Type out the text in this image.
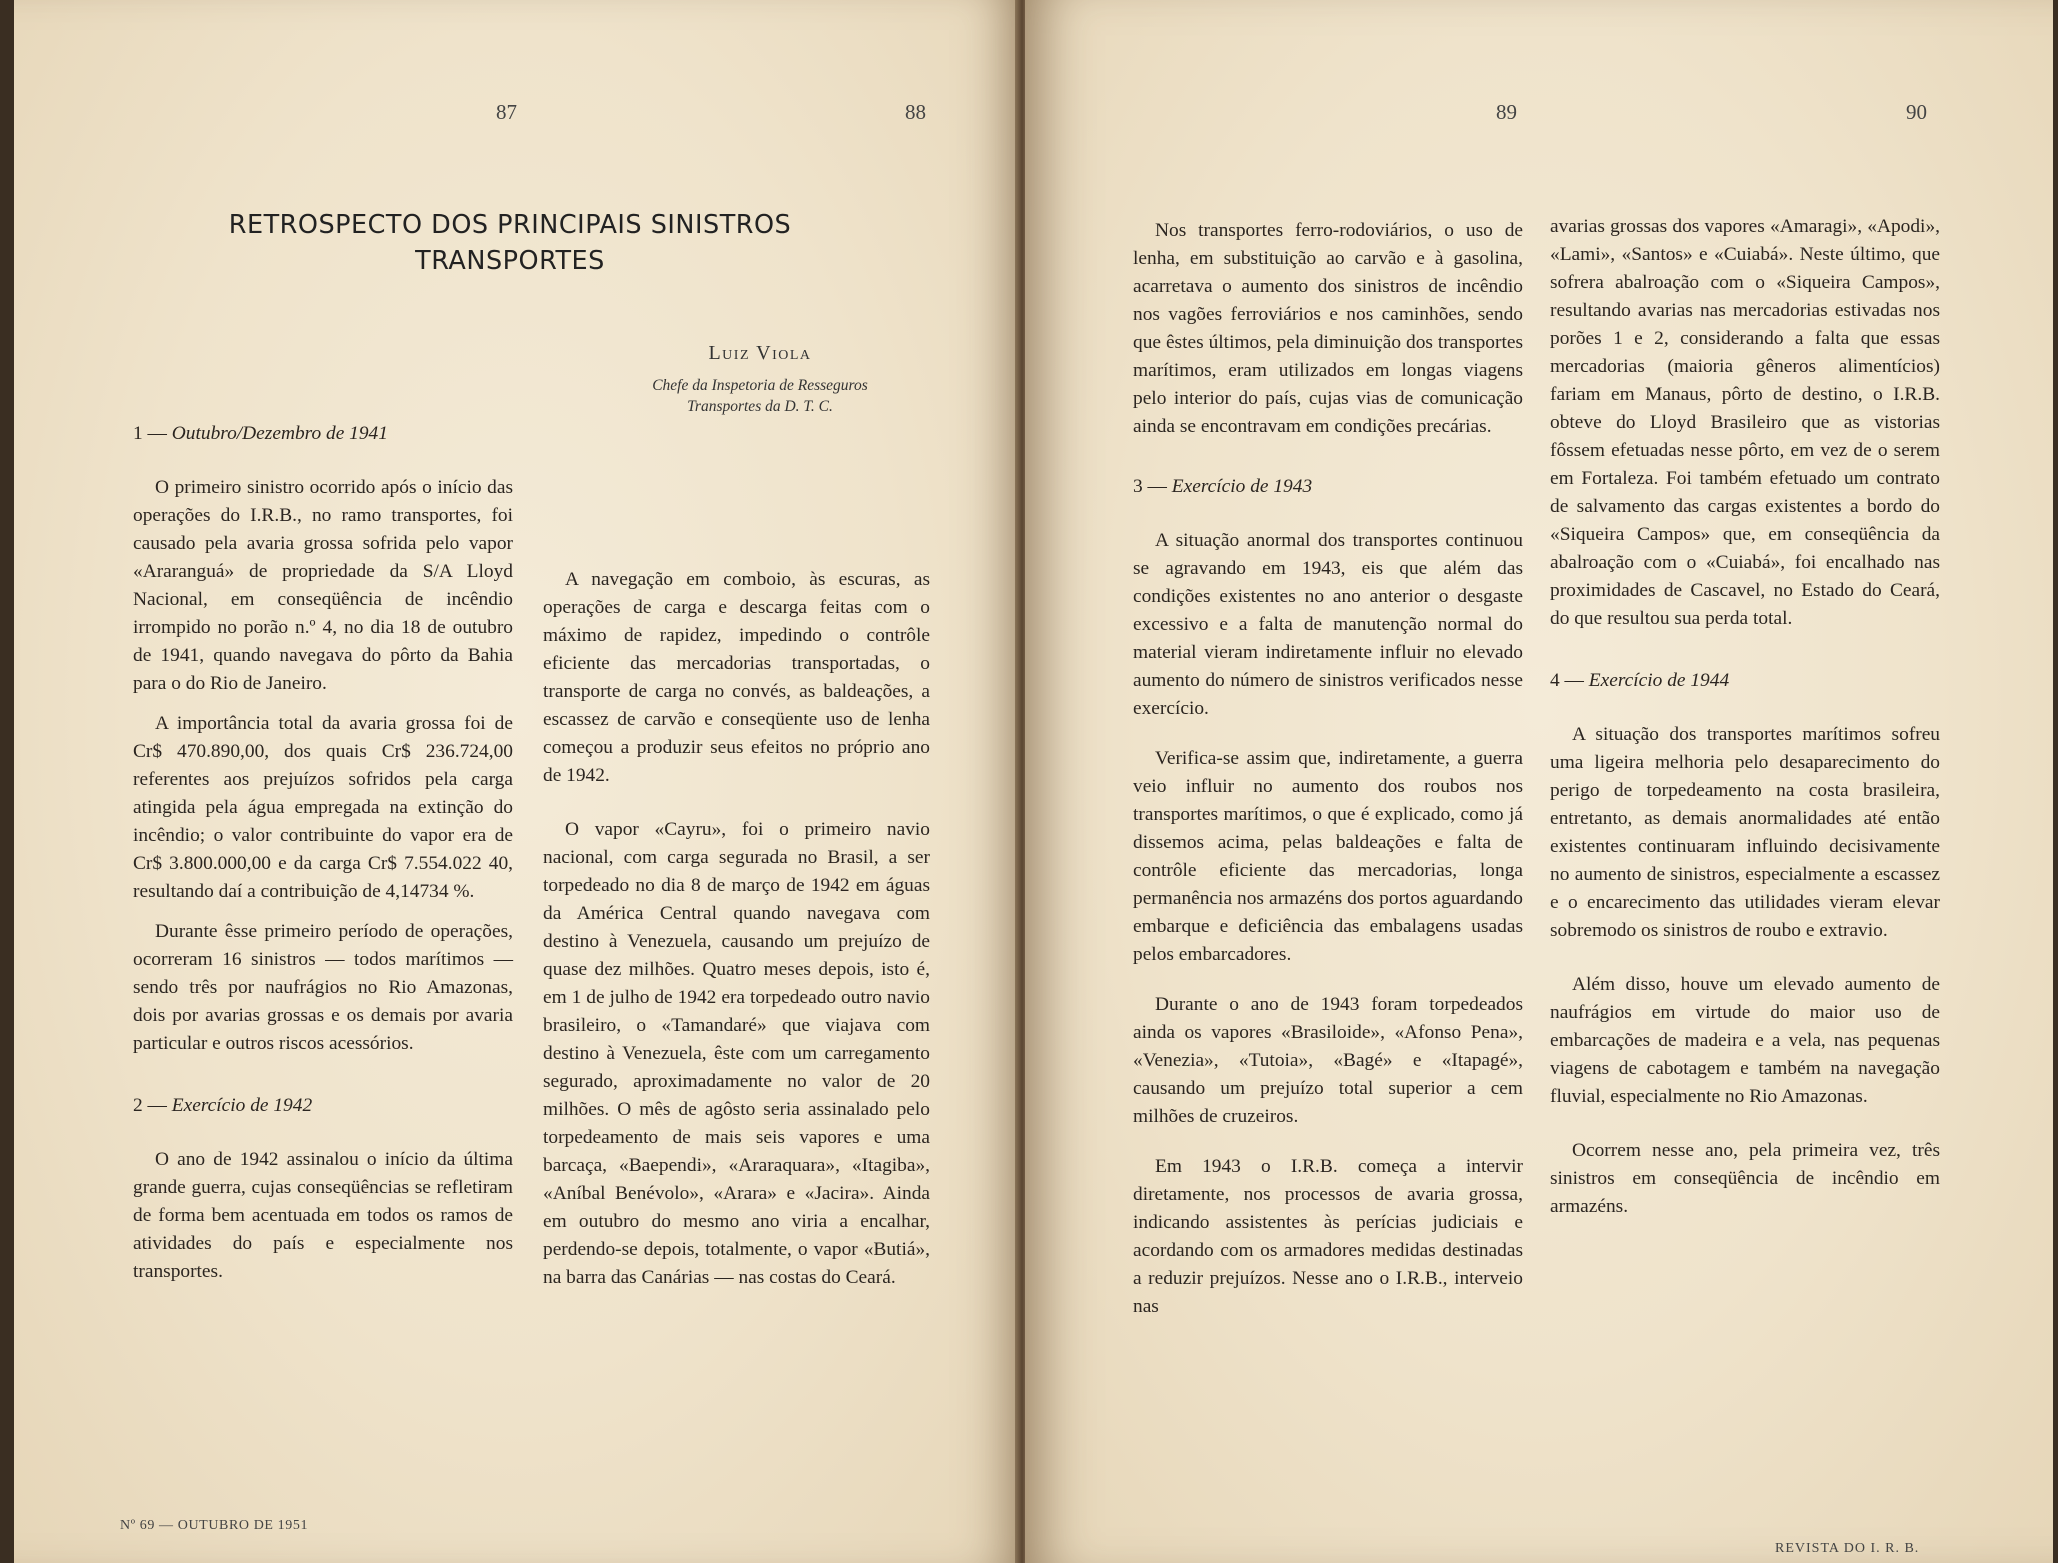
87	88	89	90
RETROSPECTO DOS PRINCIPAIS SINISTROS
TRANSPORTES
Luiz Viola
Chefe da Inspetoria de Resseguros
Transportes da D. T. C.
1 — Outubro/Dezembro de 1941

O primeiro sinistro ocorrido após o início das operações do I.R.B., no ramo transportes, foi causado pela avaria grossa sofrida pelo vapor «Araranguá» de propriedade da S/A Lloyd Nacional, em conseqüência de incêndio irrompido no porão n.º 4, no dia 18 de outubro de 1941, quando navegava do pôrto da Bahia para o do Rio de Janeiro.

A importância total da avaria grossa foi de Cr$ 470.890,00, dos quais Cr$ 236.724,00 referentes aos prejuízos sofridos pela carga atingida pela água empregada na extinção do incêndio; o valor contribuinte do vapor era de Cr$ 3.800.000,00 e da carga Cr$ 7.554.022 40, resultando daí a contribuição de 4,14734 %.

Durante êsse primeiro período de operações, ocorreram 16 sinistros — todos marítimos — sendo três por naufrágios no Rio Amazonas, dois por avarias grossas e os demais por avaria particular e outros riscos acessórios.

2 — Exercício de 1942

O ano de 1942 assinalou o início da última grande guerra, cujas conseqüências se refletiram de forma bem acentuada em todos os ramos de atividades do país e especialmente nos transportes.

A navegação em comboio, às escuras, as operações de carga e descarga feitas com o máximo de rapidez, impedindo o contrôle eficiente das mercadorias transportadas, o transporte de carga no convés, as baldeações, a escassez de carvão e conseqüente uso de lenha começou a produzir seus efeitos no próprio ano de 1942.

O vapor «Cayru», foi o primeiro navio nacional, com carga segurada no Brasil, a ser torpedeado no dia 8 de março de 1942 em águas da América Central quando navegava com destino à Venezuela, causando um prejuízo de quase dez milhões. Quatro meses depois, isto é, em 1 de julho de 1942 era torpedeado outro navio brasileiro, o «Tamandaré» que viajava com destino à Venezuela, êste com um carregamento segurado, aproximadamente no valor de 20 milhões. O mês de agôsto seria assinalado pelo torpedeamento de mais seis vapores e uma barcaça, «Baependi», «Araraquara», «Itagiba», «Aníbal Benévolo», «Arara» e «Jacira». Ainda em outubro do mesmo ano viria a encalhar, perdendo-se depois, totalmente, o vapor «Butiá», na barra das Canárias — nas costas do Ceará.

Nos transportes ferro-rodoviários, o uso de lenha, em substituição ao carvão e à gasolina, acarretava o aumento dos sinistros de incêndio nos vagões ferroviários e nos caminhões, sendo que êstes últimos, pela diminuição dos transportes marítimos, eram utilizados em longas viagens pelo interior do país, cujas vias de comunicação ainda se encontravam em condições precárias.

3 — Exercício de 1943

A situação anormal dos transportes continuou se agravando em 1943, eis que além das condições existentes no ano anterior o desgaste excessivo e a falta de manutenção normal do material vieram indiretamente influir no elevado aumento do número de sinistros verificados nesse exercício.

Verifica-se assim que, indiretamente, a guerra veio influir no aumento dos roubos nos transportes marítimos, o que é explicado, como já dissemos acima, pelas baldeações e falta de contrôle eficiente das mercadorias, longa permanência nos armazéns dos portos aguardando embarque e deficiência das embalagens usadas pelos embarcadores.

Durante o ano de 1943 foram torpedeados ainda os vapores «Brasiloide», «Afonso Pena», «Venezia», «Tutoia», «Bagé» e «Itapagé», causando um prejuízo total superior a cem milhões de cruzeiros.

Em 1943 o I.R.B. começa a intervir diretamente, nos processos de avaria grossa, indicando assistentes às perícias judiciais e acordando com os armadores medidas destinadas a reduzir prejuízos. Nesse ano o I.R.B., interveio nas

avarias grossas dos vapores «Amaragi», «Apodi», «Lami», «Santos» e «Cuiabá». Neste último, que sofrera abalroação com o «Siqueira Campos», resultando avarias nas mercadorias estivadas nos porões 1 e 2, considerando a falta que essas mercadorias (maioria gêneros alimentícios) fariam em Manaus, pôrto de destino, o I.R.B. obteve do Lloyd Brasileiro que as vistorias fôssem efetuadas nesse pôrto, em vez de o serem em Fortaleza. Foi também efetuado um contrato de salvamento das cargas existentes a bordo do «Siqueira Campos» que, em conseqüência da abalroação com o «Cuiabá», foi encalhado nas proximidades de Cascavel, no Estado do Ceará, do que resultou sua perda total.

4 — Exercício de 1944

A situação dos transportes marítimos sofreu uma ligeira melhoria pelo desaparecimento do perigo de torpedeamento na costa brasileira, entretanto, as demais anormalidades até então existentes continuaram influindo decisivamente no aumento de sinistros, especialmente a escassez e o encarecimento das utilidades vieram elevar sobremodo os sinistros de roubo e extravio.

Além disso, houve um elevado aumento de naufrágios em virtude do maior uso de embarcações de madeira e a vela, nas pequenas viagens de cabotagem e também na navegação fluvial, especialmente no Rio Amazonas.

Ocorrem nesse ano, pela primeira vez, três sinistros em conseqüência de incêndio em armazéns.

Nº 69 — OUTUBRO DE 1951
REVISTA DO I. R. B.
